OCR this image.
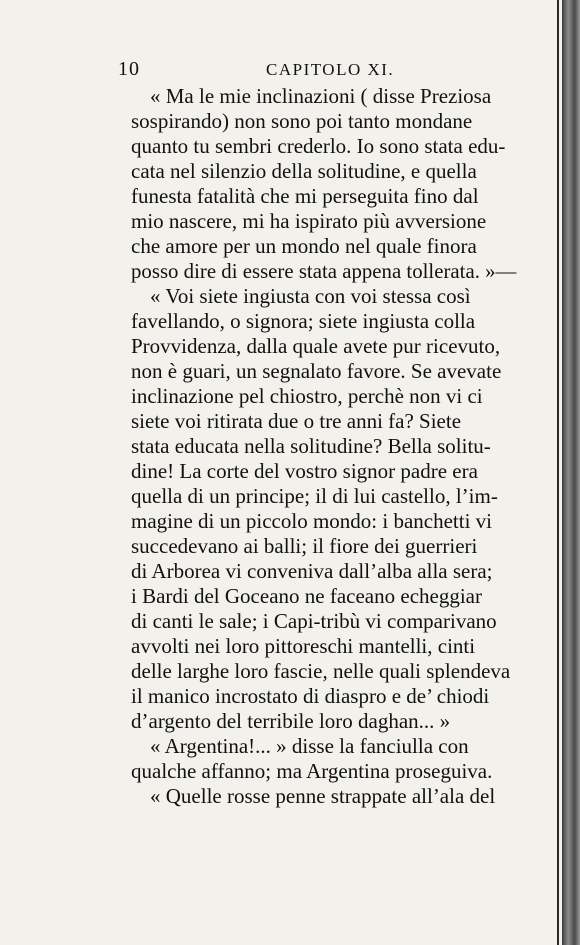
10	CAPITOLO XI.
« Ma le mie inclinazioni ( disse Preziosa
sospirando) non sono poi tanto mondane
quanto tu sembri crederlo. Io sono stata edu-
cata nel silenzio della solitudine, e quella
funesta fatalità che mi perseguita fino dal
mio nascere, mi ha ispirato più avversione
che amore per un mondo nel quale finora
posso dire di essere stata appena tollerata. »—
« Voi siete ingiusta con voi stessa così
favellando, o signora; siete ingiusta colla
Provvidenza, dalla quale avete pur ricevuto,
non è guari, un segnalato favore. Se avevate
inclinazione pel chiostro, perchè non vi ci
siete voi ritirata due o tre anni fa? Siete
stata educata nella solitudine? Bella solitu-
dine! La corte del vostro signor padre era
quella di un principe; il di lui castello, l’im-
magine di un piccolo mondo: i banchetti vi
succedevano ai balli; il fiore dei guerrieri
di Arborea vi conveniva dall’alba alla sera;
i Bardi del Goceano ne faceano echeggiar
di canti le sale; i Capi-tribù vi comparivano
avvolti nei loro pittoreschi mantelli, cinti
delle larghe loro fascie, nelle quali splendeva
il manico incrostato di diaspro e de’ chiodi
d’argento del terribile loro daghan... »
« Argentina!... » disse la fanciulla con
qualche affanno; ma Argentina proseguiva.
« Quelle rosse penne strappate all’ala del
